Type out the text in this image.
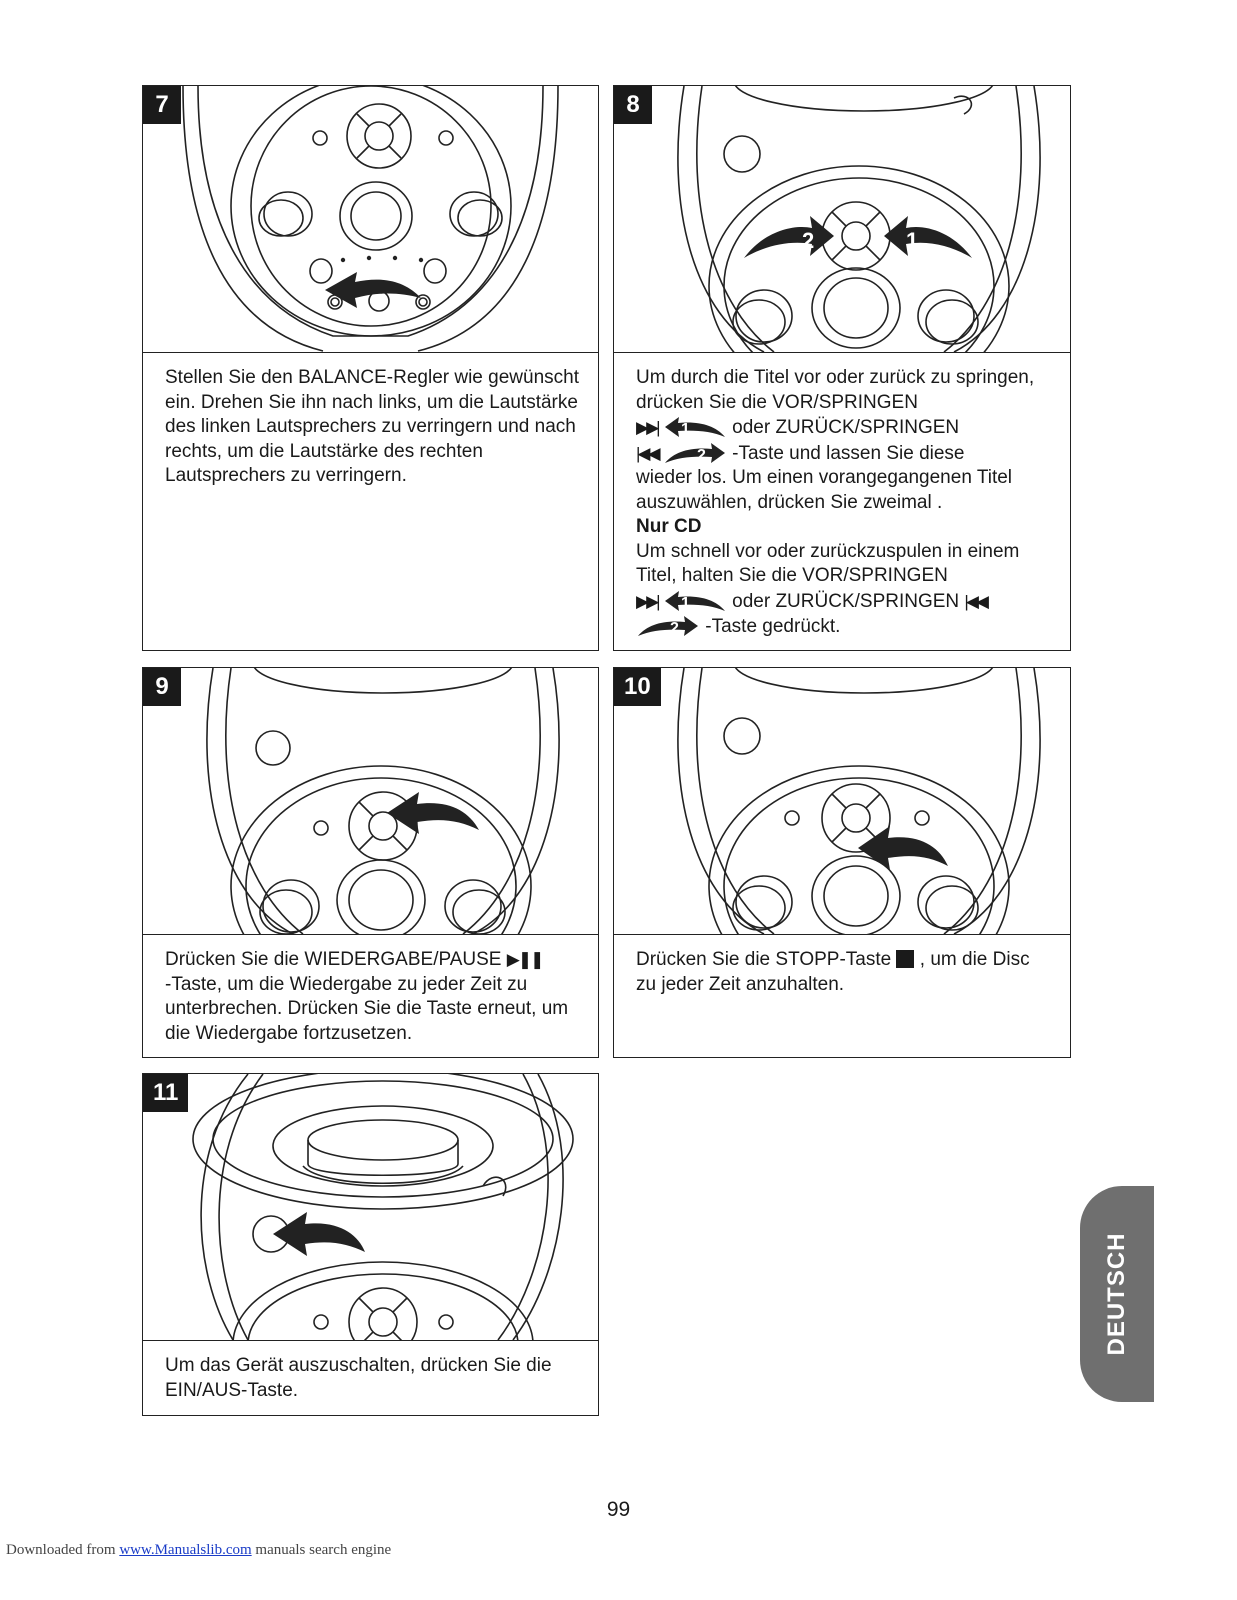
7

Stellen Sie den BALANCE-Regler wie gewünscht ein. Drehen Sie ihn nach links, um die Lautstärke des linken Lautsprechers zu verringern und nach rechts, um die Lautstärke des rechten Lautsprechers zu verringern.

2	1
8

Um durch die Titel vor oder zurück zu springen, drücken Sie die VOR/SPRINGEN

▶▶| 1 oder ZURÜCK/SPRINGEN

|◀◀ 2 -Taste und lassen Sie diese

wieder los. Um einen vorangegangenen Titel auszuwählen, drücken Sie zweimal .

Nur CD

Um schnell vor oder zurückzuspulen in einem Titel, halten Sie die VOR/SPRINGEN

▶▶| 1 oder ZURÜCK/SPRINGEN |◀◀

2 -Taste gedrückt.

9

Drücken Sie die WIEDERGABE/PAUSE ▶❚❚

-Taste, um die Wiedergabe zu jeder Zeit zu unterbrechen. Drücken Sie die Taste erneut, um die Wiedergabe fortzusetzen.

10

Drücken Sie die STOPP-Taste , um die Disc zu jeder Zeit anzuhalten.

11

Um das Gerät auszuschalten, drücken Sie die EIN/AUS-Taste.

DEUTSCH
99
Downloaded from www.Manualslib.com manuals search engine
